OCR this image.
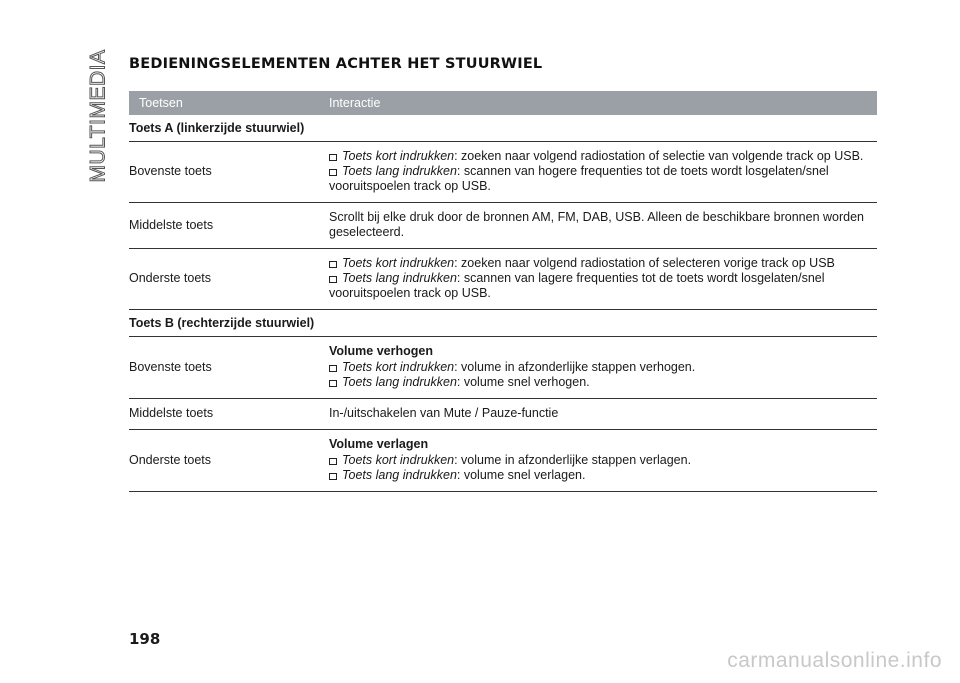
MULTIMEDIA BEDIENINGSELEMENTEN ACHTER HET STUURWIEL
Toetsen	Interactie
Toets A (linkerzijde stuurwiel)
Bovenste toets
Toets kort indrukken: zoeken naar volgend radiostation of selectie van volgende track op USB.
Toets lang indrukken: scannen van hogere frequenties tot de toets wordt losgelaten/snel vooruitspoelen track op USB.
Middelste toets
Scrollt bij elke druk door de bronnen AM, FM, DAB, USB. Alleen de beschikbare bronnen worden geselecteerd.
Onderste toets
Toets kort indrukken: zoeken naar volgend radiostation of selecteren vorige track op USB
Toets lang indrukken: scannen van lagere frequenties tot de toets wordt losgelaten/snel vooruitspoelen track op USB.
Toets B (rechterzijde stuurwiel)
Bovenste toets
Volume verhogen
Toets kort indrukken: volume in afzonderlijke stappen verhogen.
Toets lang indrukken: volume snel verhogen.
Middelste toets	In-/uitschakelen van Mute / Pauze-functie
Onderste toets
Volume verlagen
Toets kort indrukken: volume in afzonderlijke stappen verlagen.
Toets lang indrukken: volume snel verlagen.
198
carmanualsonline.info
